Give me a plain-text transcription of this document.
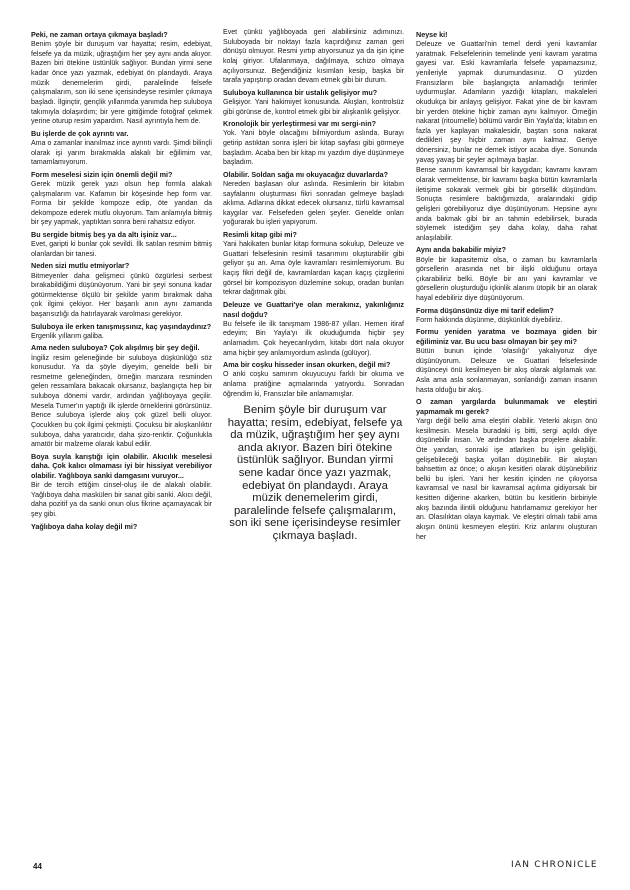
Peki, ne zaman ortaya çıkmaya başladı?

Benim şöyle bir duruşum var hayatta; resim, edebiyat, felsefe ya da müzik, uğraştığım her şey aynı anda akıyor. Bazen biri ötekine üstünlük sağlıyor. Bundan yirmi sene kadar önce yazı yazmak, edebiyat ön plandaydı. Araya müzik denemelerim girdi, paralelinde felsefe çalışmalarım, son iki sene içerisindeyse resimler çıkmaya başladı. İlginçtir, gençlik yıllarımda yanımda hep suluboya takımıyla dolaşırdım; bir yere gittiğimde fotoğraf çekmek yerine oturup resim yapardım. Nasıl ayrıntıyla hem de.

Bu işlerde de çok ayrıntı var.

Ama o zamanlar inanılmaz ince ayrıntı vardı. Şimdi bilinçli olarak işi yarım bırakmakla alakalı bir eğilimim var, tamamlamıyorum.

Form meselesi sizin için önemli değil mi?

Gerek müzik gerek yazı olsun hep formla alakalı çalışmalarım var. Kafamın bir köşesinde hep form var. Forma bir şekilde kompoze edip, öte yandan da dekompoze ederek mutlu oluyorum. Tam anlamıyla bitmiş bir şey yapmak, yaptıktan sonra beni rahatsız ediyor.

Bu sergide bitmiş beş ya da altı işiniz var...

Evet, garipti ki bunlar çok sevildi. İlk satılan resmim bitmiş olanlardan bir tanesi.

Neden sizi mutlu etmiyorlar?

Bitmeyenler daha gelişmeci çünkü özgürlesi serbest bırakabildiğimi düşünüyorum. Yani bir şeyi sonuna kadar götürmektense ölçülü bir şekilde yarım bırakmak daha çok ilgimi çekiyor. Her başarılı anın aynı zamanda başarısızlığı da hatırlayarak varolması gerekiyor.

Suluboya ile erken tanışmışsınız, kaç yaşındaydınız?

Ergenlik yıllarım galiba.

Ama neden suluboya? Çok alışılmış bir şey değil.

İngiliz resim geleneğinde bir suluboya düşkünlüğü söz konusudur. Ya da şöyle diyeyim, genelde belli bir resmetme geleneğinden, örneğin manzara resminden gelen ressamlara bakacak olursanız, başlangıçta hep bir suluboya dönemi vardır, ardından yağlıboyaya geçilir. Mesela Turner'ın yaptığı ilk işlerde örneklerini görürsünüz. Bence suluboya işlerde akış çok güzel belli oluyor. Çocukken bu çok ilgimi çekmişti. Çocuksu bir akışkanlıktır suluboya, daha yaratıcıdır, daha şizo-renktir. Çoğunlukla amatör bir malzeme olarak kabul edilir.

Boya suyla karıştığı için olabilir. Akıcılık meselesi daha. Çok kalıcı olmaması iyi bir hissiyat verebiliyor olabilir. Yağlıboya sanki damgasını vuruyor...

Bir de tercih ettiğim cinsel-oluş ile de alakalı olabilir. Yağlıboya daha maskülen bir sanat gibi sanki. Akıcı değil, daha pozitif ya da sanki onun olus fikrine açamayacak bir şey gibi.

Yağlıboya daha kolay değil mi?

Evet çünkü yağlıboyada geri alabilirsiniz adımınızı. Suluboyada bir noktayı fazla kaçırdığınız zaman geri dönüşü olmuyor. Resmi yırtıp atıyorsunuz ya da işin içine kolaj giriyor. Ufalanmaya, dağılmaya, schizo olmaya açılıyorsunuz. Beğendiğiniz kısımları kesip, başka bir tarafa yapıştırıp oradan devam etmek gibi bir durum.

Suluboya kullanınca bir ustalık gelişiyor mu?

Gelişiyor. Yani hakimiyet konusunda. Akışları, kontrolsüz gibi görünse de, kontrol etmek gibi bir alışkanlık gelişiyor.

Kronolojik bir yerleştirmesi var mı sergi-nin?

Yok. Yani böyle olacağını bilmiyordum aslında. Burayı getirip astıktan sonra işleri bir kitap sayfası gibi görmeye başladım. Acaba ben bir kitap mı yazdım diye düşünmeye başladım.

Olabilir. Soldan sağa mı okuyacağız duvarlarda?

Nereden başlasan olur aslında. Resimlerin bir kitabın sayfalarını oluşturması fikri sonradan gelmeye başladı aklıma. Adlarına dikkat edecek olursanız, türlü kavramsal kaygılar var. Felsefeden gelen şeyler. Genelde onları yoğurarak bu işleri yapıyorum.

Resimli kitap gibi mi?

Yani hakikaten bunlar kitap formuna sokulup, Deleuze ve Guattari felsefesinin resimli tasarımını oluşturabilir gibi geliyor şu an. Ama öyle kavramları resimlemiyorum. Bu kaçış fikri değil de, kavramlardan kaçan kaçış çizgilerini görsel bir kompozisyon düzlemine sokup, oradan bunları tekrar dağıtmak gibi.

Deleuze ve Guattari'ye olan merakınız, yakınlığınız nasıl doğdu?

Bu felsefe ile ilk tanışmam 1986-87 yılları. Hemen itiraf edeyim; Bin Yayla'yı ilk okuduğumda hiçbir şey anlamadım. Çok heyecanlıydım, kitabı dört nala okuyor ama hiçbir şey anlamıyordum aslında (gülüyor).

Ama bir coşku hisseder insan okurken, değil mi?

O anki coşku samırım okuyucuyu farklı bir okuma ve anlama pratiğine açmalarında yatıyordu. Sonradan öğrendim ki, Fransızlar bile anlamamışlar.

Benim şöyle bir duruşum var hayatta; resim, edebiyat, felsefe ya da müzik, uğraştığım her şey aynı anda akıyor. Bazen biri ötekine üstünlük sağlıyor. Bundan yirmi sene kadar önce yazı yazmak, edebiyat ön plandaydı. Araya müzik denemelerim girdi, paralelinde felsefe çalışmalarım, son iki sene içerisindeyse resimler çıkmaya başladı.

Neyse ki!

Deleuze ve Guattari'nin temel derdi yeni kavramlar yaratmak. Felsefelerinin temelinde yeni kavram yaratma gayesi var. Eski kavramlarla felsefe yapamazsınız, yenileriyle yapmak durumundasınız. O yüzden Fransızların bile başlangıçta anlamadığı terimler uydurmuşlar. Adamların yazdığı kitapları, makaleleri okudukça bir anlayış gelişiyor. Fakat yine de bir kavram bir yerden ötekine hiçbir zaman aynı kalmıyor. Örneğin nakarat (ritournelle) bölümü vardır Bin Yayla'da; kitabın en fazla yer kaplayan makalesidir, baştan sona nakarat dedikleri şey hiçbir zaman aynı kalmaz. Geriye dönersiniz, bunlar ne demek istiyor acaba diye. Sonunda yavaş yavaş bir şeyler açılmaya başlar.

Bense sanırım kavramsal bir kaygıdan; kavramı kavram olarak vermektense, bir kavramı başka bütün kavramlarla iletişime sokarak vermek gibi bir görsellik düşündüm. Sonuçta resimlere baktığımızda, aralarındaki gidip gelişleri görebiliyoruz diye düşünüyorum. Hepsine aynı anda bakmak gibi bir an tahmin edebilirsek, burada söylemek istediğim şey daha kolay, daha rahat anlaşılabilir.

Aynı anda bakabilir miyiz?

Böyle bir kapasitemiz olsa, o zaman bu kavramlarla görsellerin arasında net bir ilişki olduğunu ortaya çıkarabiliriz belki. Böyle bir anı yani kavramlar ve görsellerin oluşturduğu içkinlik alanını ütopik bir an olarak hayal edebiliriz diye düşünüyorum.

Forma düşünsünüz diye mi tarif edelim?

Form hakkında düşünme, düşkünlük diyebiliriz.

Formu yeniden yaratma ve bozmaya giden bir eğiliminiz var. Bu ucu bası olmayan bir şey mi?

Bütün bunun içinde 'olasılığı' yakalıyoruz diye düşünüyorum. Deleuze ve Guattari felsefesinde düşünceyi önü kesilmeyen bir akış olarak algılamak var. Asla ama asla sonlanmayan, sonlandığı zaman insanın hasta olduğu bir akış.

O zaman yargılarda bulunmamak ve eleştiri yapmamak mı gerek?

Yargı değil belki ama eleştiri olabilir. Yeterki akışın önü kesilmesin. Mesela buradaki iş bitti, sergi açıldı diye düşünebilir insan. Ve ardından başka projelere akabilir. Öte yandan, sonraki işe atlarken bu işin gelişliği, gelişebileceği başka yolları düşünebilir. Bir akıştan bahsettim az önce; o akışın kesitleri olarak düşünebiliriz belki bu işleri. Yani her kesitin içinden ne çıkıyorsa kavramsal ve nasıl bir kavramsal açılıma gidiyorsak bir kesitten diğerine akarken, bütün bu kesitlerin birbiriyle akış bazında ilintili olduğunu hatırlamamız gerekiyor her an. Olasılıktan olaya kaymak. Ve eleştiri olmalı tabii ama akışın önünü kesmeyen eleştiri. Kriz anlarını oluşturan her

44	IAN CHRONICLE
